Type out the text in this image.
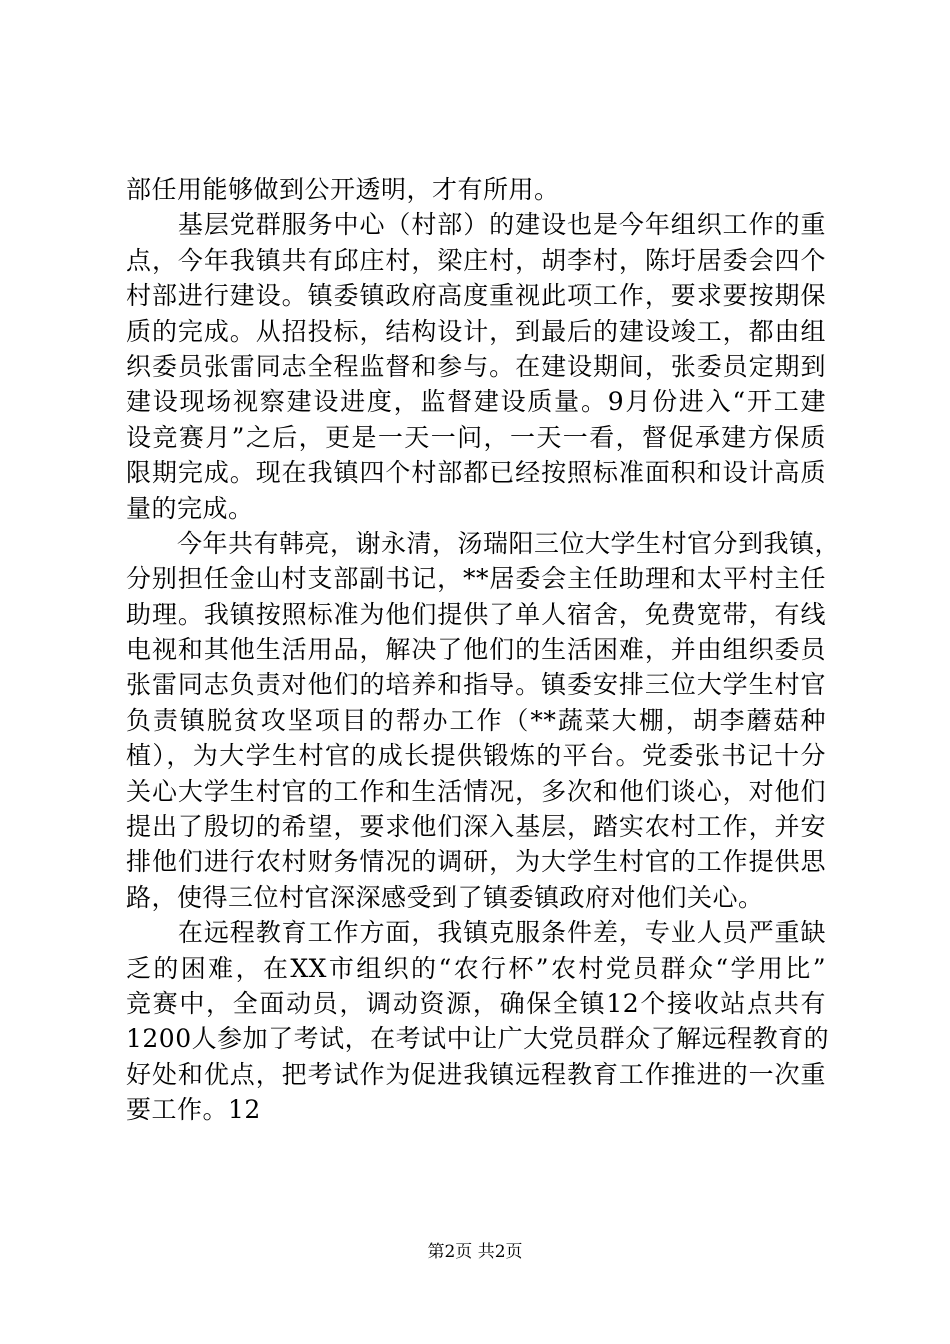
部任用能够做到公开透明，才有所用。
　　基层党群服务中心（村部）的建设也是今年组织工作的重
点，今年我镇共有邱庄村，梁庄村，胡李村，陈圩居委会四个
村部进行建设。镇委镇政府高度重视此项工作，要求要按期保
质的完成。从招投标，结构设计，到最后的建设竣工，都由组
织委员张雷同志全程监督和参与。在建设期间，张委员定期到
建设现场视察建设进度，监督建设质量。9月份进入“开工建
设竞赛月”之后，更是一天一问，一天一看，督促承建方保质
限期完成。现在我镇四个村部都已经按照标准面积和设计高质
量的完成。
　　今年共有韩亮，谢永清，汤瑞阳三位大学生村官分到我镇，
分别担任金山村支部副书记，**居委会主任助理和太平村主任
助理。我镇按照标准为他们提供了单人宿舍，免费宽带，有线
电视和其他生活用品，解决了他们的生活困难，并由组织委员
张雷同志负责对他们的培养和指导。镇委安排三位大学生村官
负责镇脱贫攻坚项目的帮办工作（**蔬菜大棚，胡李蘑菇种
植），为大学生村官的成长提供锻炼的平台。党委张书记十分
关心大学生村官的工作和生活情况，多次和他们谈心，对他们
提出了殷切的希望，要求他们深入基层，踏实农村工作，并安
排他们进行农村财务情况的调研，为大学生村官的工作提供思
路，使得三位村官深深感受到了镇委镇政府对他们关心。
　　在远程教育工作方面，我镇克服条件差，专业人员严重缺
乏的困难，在XX市组织的“农行杯”农村党员群众“学用比”
竞赛中，全面动员，调动资源，确保全镇12个接收站点共有
1200人参加了考试，在考试中让广大党员群众了解远程教育的
好处和优点，把考试作为促进我镇远程教育工作推进的一次重
要工作。12
第2页 共2页
